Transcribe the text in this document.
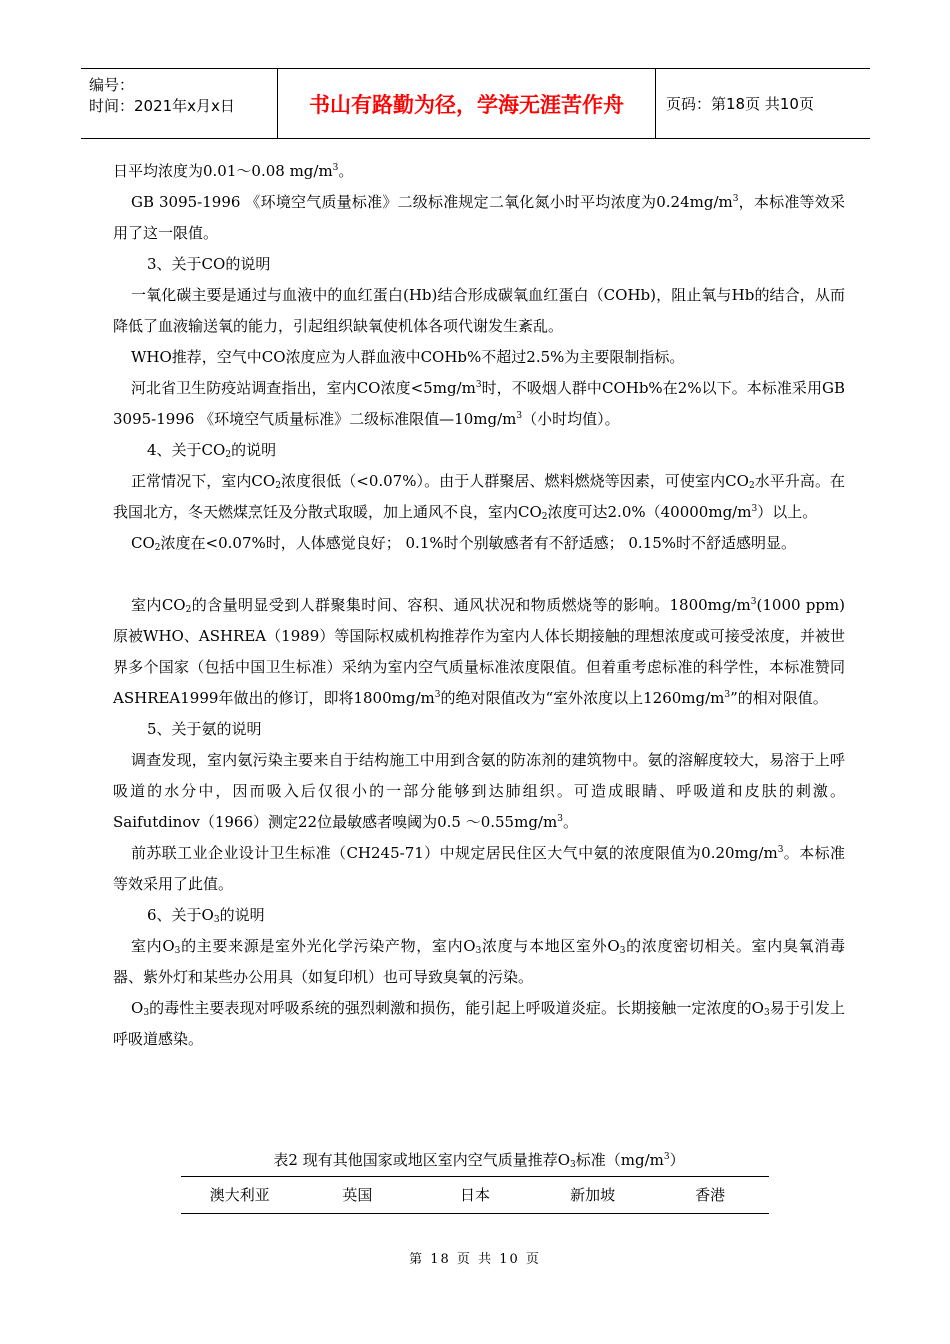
编号：
时间：2021年x月x日	书山有路勤为径，学海无涯苦作舟	页码：第18页 共10页

日平均浓度为0.01～0.08 $mg/m^3$。

GB 3095-1996 《环境空气质量标准》二级标准规定二氧化氮小时平均浓度为$0.24mg/m^3$，本标准等效采用了这一限值。

3、关于CO的说明

一氧化碳主要是通过与血液中的血红蛋白(Hb)结合形成碳氧血红蛋白（COHb)，阻止氧与Hb的结合，从而降低了血液输送氧的能力，引起组织缺氧使机体各项代谢发生紊乱。

WHO推荐，空气中CO浓度应为人群血液中COHb%不超过2.5%为主要限制指标。

河北省卫生防疫站调查指出，室内CO浓度$<5mg/m^3$时，不吸烟人群中COHb%在2%以下。本标准采用GB 3095-1996 《环境空气质量标准》二级标准限值$—10mg/m^3$（小时均值）。

4、关于$CO_2$的说明

正常情况下，室内$CO_2$浓度很低（<0.07%）。由于人群聚居、燃料燃烧等因素，可使室内$CO_2$水平升高。在我国北方，冬天燃煤烹饪及分散式取暖，加上通风不良，室内$CO_2$浓度可达$2.0\%(40000mg/m^3)$以上。

$CO_2$浓度在<0.07%时，人体感觉良好； 0.1%时个别敏感者有不舒适感； 0.15%时不舒适感明显。

室内$CO_2$的含量明显受到人群聚集时间、容积、通风状况和物质燃烧等的影响。$1800mg/m^3(1000$ ppm)原被WHO、ASHREA（1989）等国际权威机构推荐作为室内人体长期接触的理想浓度或可接受浓度，并被世界多个国家（包括中国卫生标准）采纳为室内空气质量标准浓度限值。但着重考虑标准的科学性，本标准赞同ASHREA1999年做出的修订，即将$1800mg/m^3$的绝对限值改为“室外浓度以上$1260mg/m^3$”的相对限值。

5、关于氨的说明

调查发现，室内氨污染主要来自于结构施工中用到含氨的防冻剂的建筑物中。氨的溶解度较大，易溶于上呼吸道的水分中，因而吸入后仅很小的一部分能够到达肺组织。可造成眼睛、呼吸道和皮肤的刺激。 Saifutdinov（1966）测定22位最敏感者嗅阈为0.5 $\sim 0.55mg/m^3$。

前苏联工业企业设计卫生标准（CH245-71）中规定居民住区大气中氨的浓度限值为$0.20mg/m^3$。本标准等效采用了此值。

6、关于$O_3$的说明

室内$O_3$的主要来源是室外光化学污染产物，室内$O_3$浓度与本地区室外$O_3$的浓度密切相关。室内臭氧消毒器、紫外灯和某些办公用具（如复印机）也可导致臭氧的污染。

$O_3$的毒性主要表现对呼吸系统的强烈刺激和损伤，能引起上呼吸道炎症。长期接触一定浓度的$O_3$易于引发上呼吸道感染。

表2 现有其他国家或地区室内空气质量推荐$O_3$标准$(mg/m^3)$
澳大利亚	英国	日本	新加坡	香港
第 18 页 共 10 页
